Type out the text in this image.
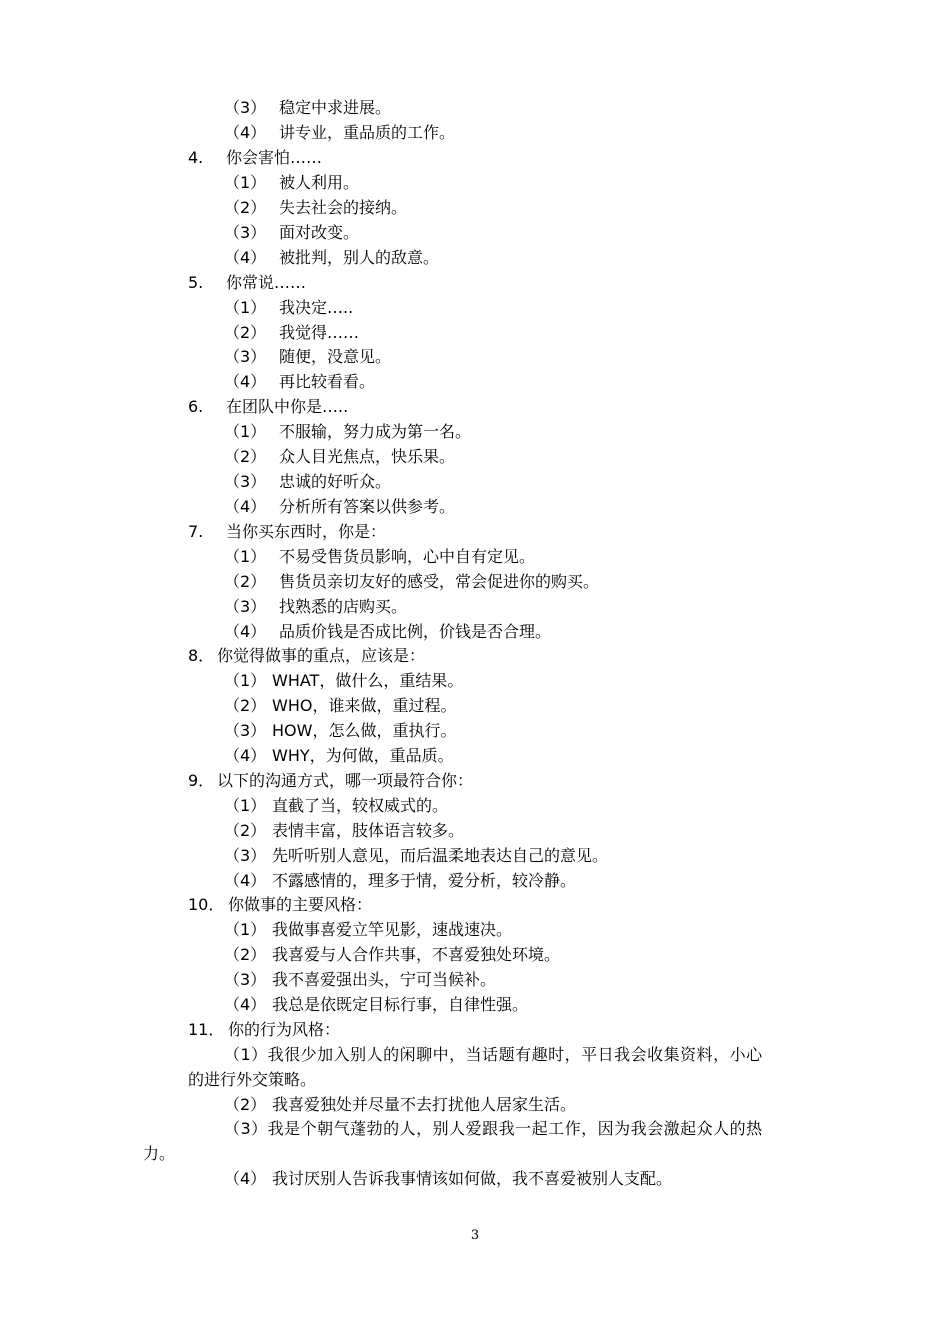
（3） 稳定中求进展。
（4） 讲专业，重品质的工作。
4. 你会害怕……
（1） 被人利用。
（2） 失去社会的接纳。
（3） 面对改变。
（4） 被批判，别人的敌意。
5. 你常说……
（1） 我决定…..
（2） 我觉得……
（3） 随便，没意见。
（4） 再比较看看。
6. 在团队中你是…..
（1） 不服输，努力成为第一名。
（2） 众人目光焦点，快乐果。
（3） 忠诚的好听众。
（4） 分析所有答案以供参考。
7. 当你买东西时，你是：
（1） 不易受售货员影响，心中自有定见。
（2） 售货员亲切友好的感受，常会促进你的购买。
（3） 找熟悉的店购买。
（4） 品质价钱是否成比例，价钱是否合理。
8． 你觉得做事的重点，应该是：
（1） WHAT，做什么，重结果。
（2） WHO，谁来做，重过程。
（3） HOW，怎么做，重执行。
（4） WHY，为何做，重品质。
9． 以下的沟通方式，哪一项最符合你：
（1） 直截了当，较权威式的。
（2） 表情丰富，肢体语言较多。
（3） 先听听别人意见，而后温柔地表达自己的意见。
（4） 不露感情的，理多于情，爱分析，较冷静。
10． 你做事的主要风格：
（1） 我做事喜爱立竿见影，速战速决。
（2） 我喜爱与人合作共事，不喜爱独处环境。
（3） 我不喜爱强出头，宁可当候补。
（4） 我总是依既定目标行事，自律性强。
11． 你的行为风格：
（1）我很少加入别人的闲聊中，当话题有趣时，平日我会收集资料，小心
的进行外交策略。
（2） 我喜爱独处并尽量不去打扰他人居家生活。
（3）我是个朝气蓬勃的人，别人爱跟我一起工作，因为我会激起众人的热
力。
（4） 我讨厌别人告诉我事情该如何做，我不喜爱被别人支配。
3
